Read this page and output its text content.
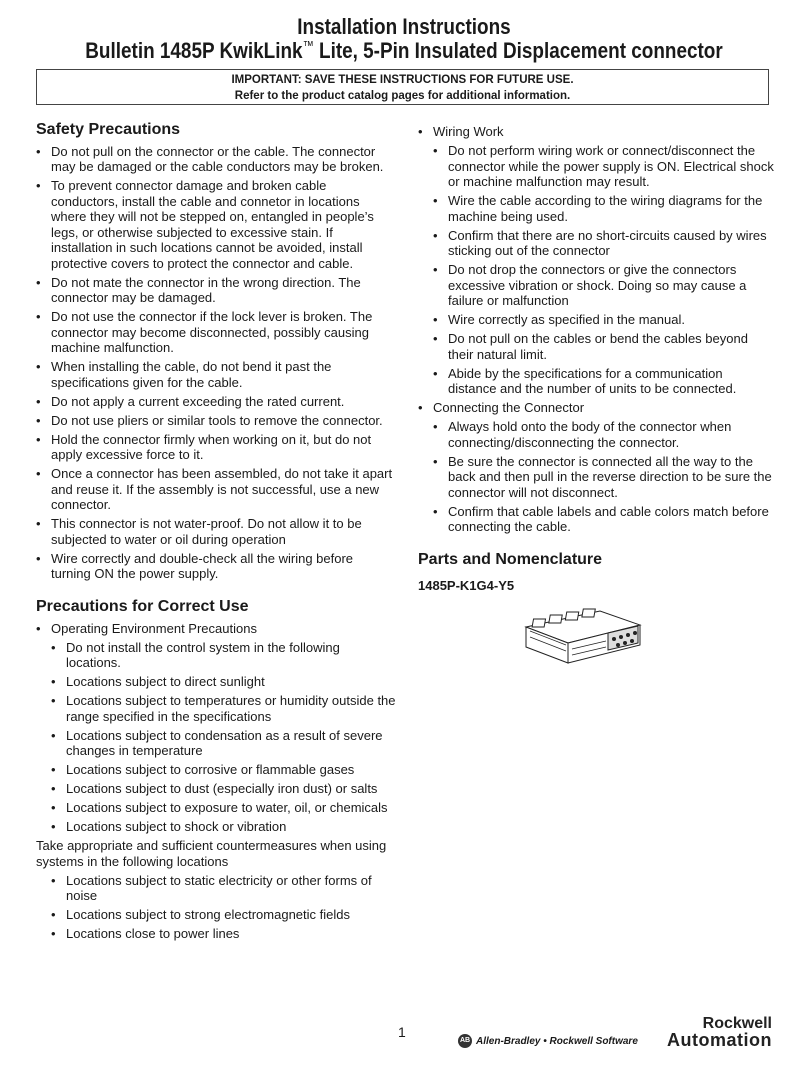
Installation Instructions
Bulletin 1485P KwikLink™ Lite, 5-Pin Insulated Displacement connector
IMPORTANT: SAVE THESE INSTRUCTIONS FOR FUTURE USE.
Refer to the product catalog pages for additional information.
Safety Precautions
• Do not pull on the connector or the cable. The connector may be damaged or the cable conductors may be broken.
• To prevent connector damage and broken cable conductors, install the cable and connetor in locations where they will not be stepped on, entangled in people’s legs, or otherwise subjected to excessive stain. If installation in such locations cannot be avoided, install protective covers to protect the connector and cable.
• Do not mate the connector in the wrong direction. The connector may be damaged.
• Do not use the connector if the lock lever is broken. The connector may become disconnected, possibly causing machine malfunction.
• When installing the cable, do not bend it past the specifications given for the cable.
• Do not apply a current exceeding the rated current.
• Do not use pliers or similar tools to remove the connector.
• Hold the connector firmly when working on it, but do not apply excessive force to it.
• Once a connector has been assembled, do not take it apart and reuse it. If the assembly is not successful, use a new connector.
• This connector is not water-proof. Do not allow it to be subjected to water or oil during operation
• Wire correctly and double-check all the wiring before turning ON the power supply.
Precautions for Correct Use
• Operating Environment Precautions
• Do not install the control system in the following locations.
• Locations subject to direct sunlight
• Locations subject to temperatures or humidity outside the range specified in the specifications
• Locations subject to condensation as a result of severe changes in temperature
• Locations subject to corrosive or flammable gases
• Locations subject to dust (especially iron dust) or salts
• Locations subject to exposure to water, oil, or chemicals
• Locations subject to shock or vibration

Take appropriate and sufficient countermeasures when using systems in the following locations

• Locations subject to static electricity or other forms of noise
• Locations subject to strong electromagnetic fields
• Locations close to power lines
• Wiring Work
• Do not perform wiring work or connect/disconnect the connector while the power supply is ON. Electrical shock or machine malfunction may result.
• Wire the cable according to the wiring diagrams for the machine being used.
• Confirm that there are no short-circuits caused by wires sticking out of the connector
• Do not drop the connectors or give the connectors excessive vibration or shock. Doing so may cause a failure or malfunction
• Wire correctly as specified in the manual.
• Do not pull on the cables or bend the cables beyond their natural limit.
• Abide by the specifications for a communication distance and the number of units to be connected.
• Connecting the Connector
• Always hold onto the body of the connector when connecting/disconnecting the connector.
• Be sure the connector is connected all the way to the back and then pull in the reverse direction to be sure the connector will not disconnect.
• Confirm that cable labels and cable colors match before connecting the cable.
Parts and Nomenclature
1485P-K1G4-Y5
1
AB Allen-Bradley • Rockwell Software
Rockwell
Automation
